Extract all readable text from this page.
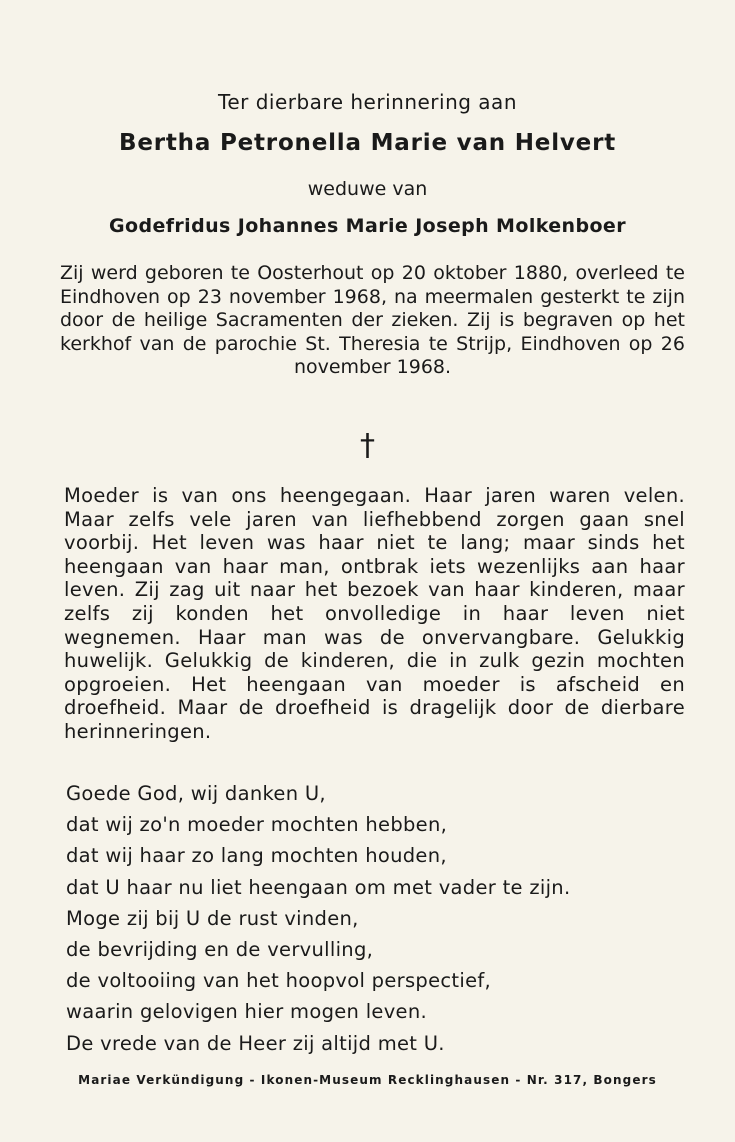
Ter dierbare herinnering aan
Bertha Petronella Marie van Helvert
weduwe van
Godefridus Johannes Marie Joseph Molkenboer
Zij werd geboren te Oosterhout op 20 oktober 1880, overleed te Eindhoven op 23 november 1968, na meermalen gesterkt te zijn door de heilige Sacramenten der zieken. Zij is begraven op het kerkhof van de parochie St. Theresia te Strijp, Eindhoven op 26 november 1968.
†
Moeder is van ons heengegaan. Haar jaren waren velen. Maar zelfs vele jaren van liefhebbend zorgen gaan snel voorbij. Het leven was haar niet te lang; maar sinds het heengaan van haar man, ontbrak iets wezenlijks aan haar leven. Zij zag uit naar het bezoek van haar kinderen, maar zelfs zij konden het onvolledige in haar leven niet wegnemen. Haar man was de onvervangbare. Gelukkig huwelijk. Gelukkig de kinderen, die in zulk gezin mochten opgroeien. Het heengaan van moeder is afscheid en droefheid. Maar de droefheid is dragelijk door de dierbare herinneringen.
Goede God, wij danken U,
dat wij zo'n moeder mochten hebben,
dat wij haar zo lang mochten houden,
dat U haar nu liet heengaan om met vader te zijn.
Moge zij bij U de rust vinden,
de bevrijding en de vervulling,
de voltooiing van het hoopvol perspectief,
waarin gelovigen hier mogen leven.
De vrede van de Heer zij altijd met U.
Mariae Verkündigung - Ikonen-Museum Recklinghausen - Nr. 317, Bongers
